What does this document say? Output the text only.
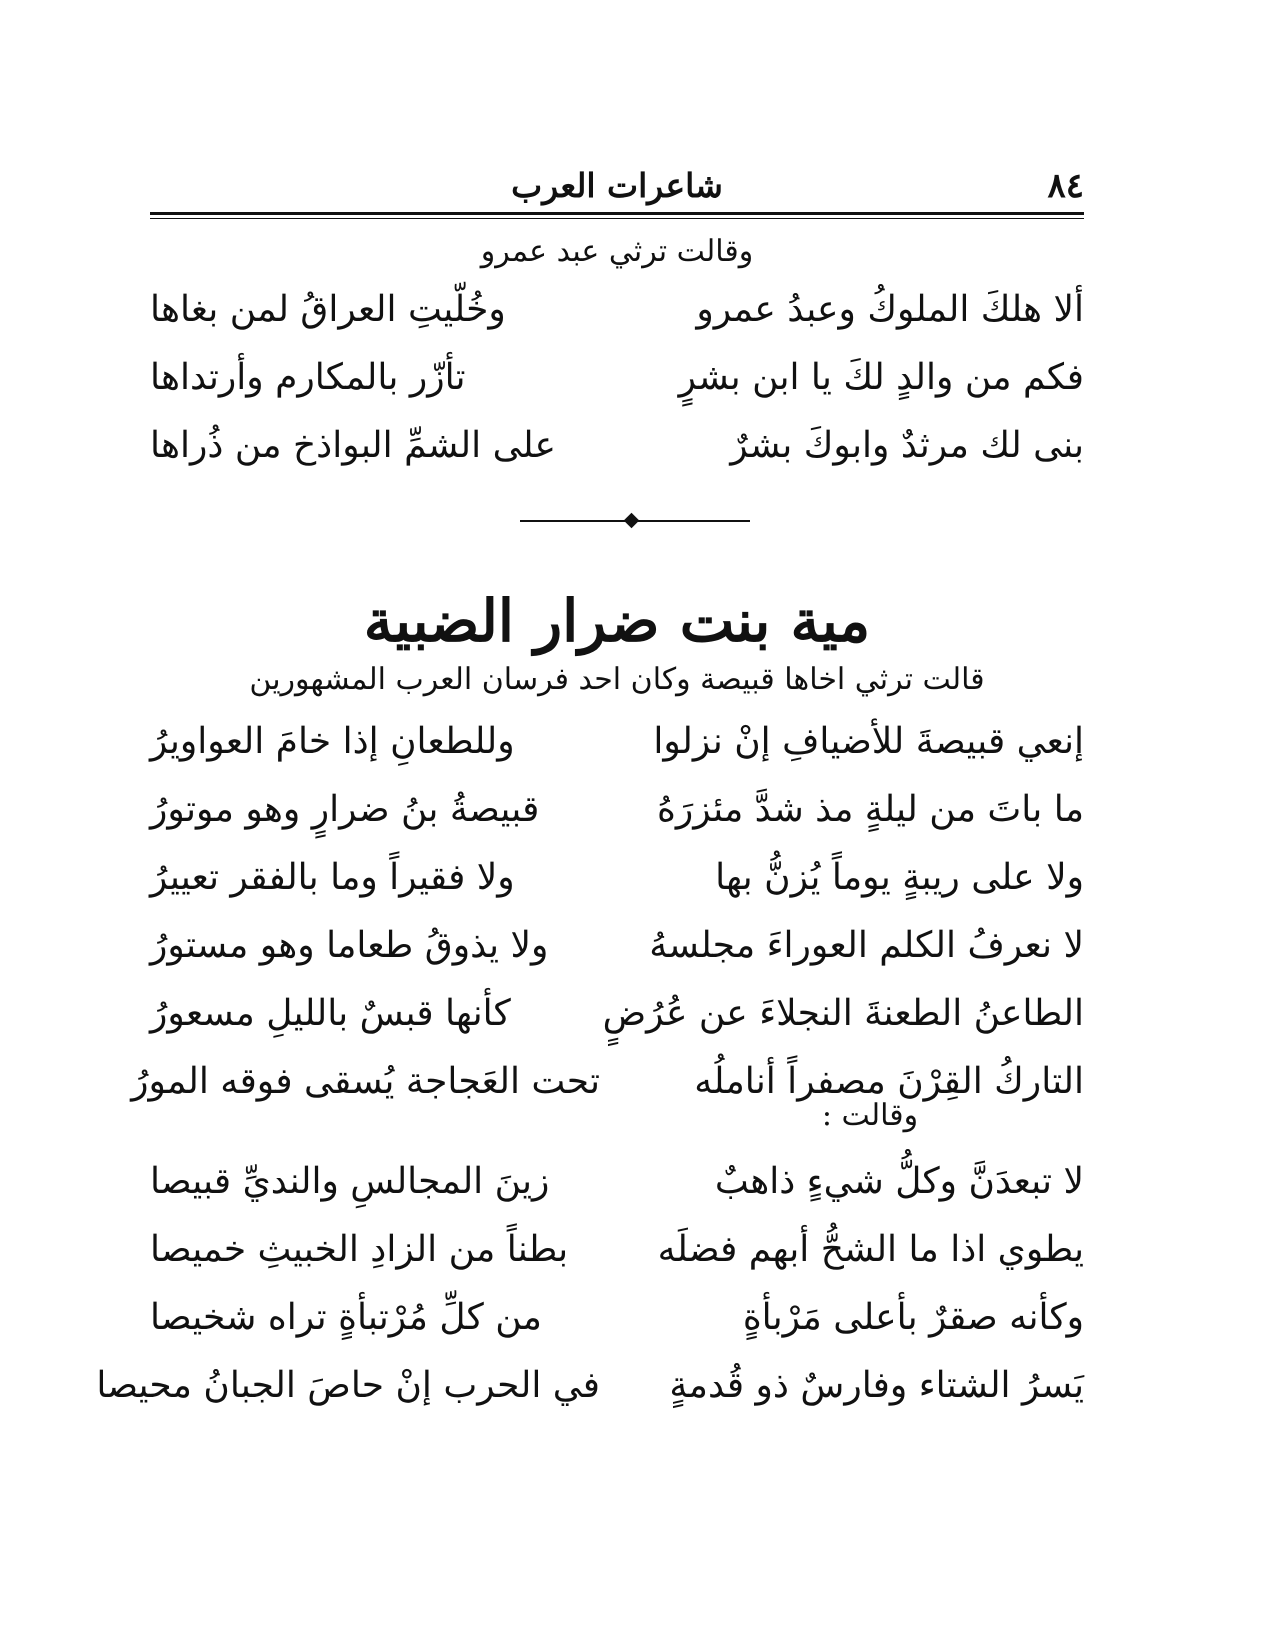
٨٤
شاعرات العرب
وقالت ترثي عبد عمرو
ألا هلكَ الملوكُ وعبدُ عمرو
وخُلّيتِ العراقُ لمن بغاها
فكم من والدٍ لكَ يا ابن بشرٍ
تأزّر بالمكارم وأرتداها
بنى لك مرثدٌ وابوكَ بشرٌ
على الشمِّ البواذخ من ذُراها
مية بنت ضرار الضبية
قالت ترثي اخاها قبيصة وكان احد فرسان العرب المشهورين
إنعي قبيصةَ للأضيافِ إنْ نزلوا
وللطعانِ إذا خامَ العواويرُ
ما باتَ من ليلةٍ مذ شدَّ مئزرَهُ
قبيصةُ بنُ ضرارٍ وهو موتورُ
ولا على ريبةٍ يوماً يُزنُّ بها
ولا فقيراً وما بالفقر تعييرُ
لا نعرفُ الكلم العوراءَ مجلسهُ
ولا يذوقُ طعاما وهو مستورُ
الطاعنُ الطعنةَ النجلاءَ عن عُرُضٍ
كأنها قبسٌ بالليلِ مسعورُ
التاركُ القِرْنَ مصفراً أناملُه
تحت العَجاجة يُسقى فوقه المورُ
وقالت :
لا تبعدَنَّ وكلُّ شيءٍ ذاهبٌ
زينَ المجالسِ والنديِّ قبيصا
يطوي اذا ما الشحُّ أبهم فضلَه
بطناً من الزادِ الخبيثِ خميصا
وكأنه صقرٌ بأعلى مَرْبأةٍ
من كلِّ مُرْتبأةٍ تراه شخيصا
يَسرُ الشتاء وفارسٌ ذو قُدمةٍ
في الحرب إنْ حاصَ الجبانُ محيصا
